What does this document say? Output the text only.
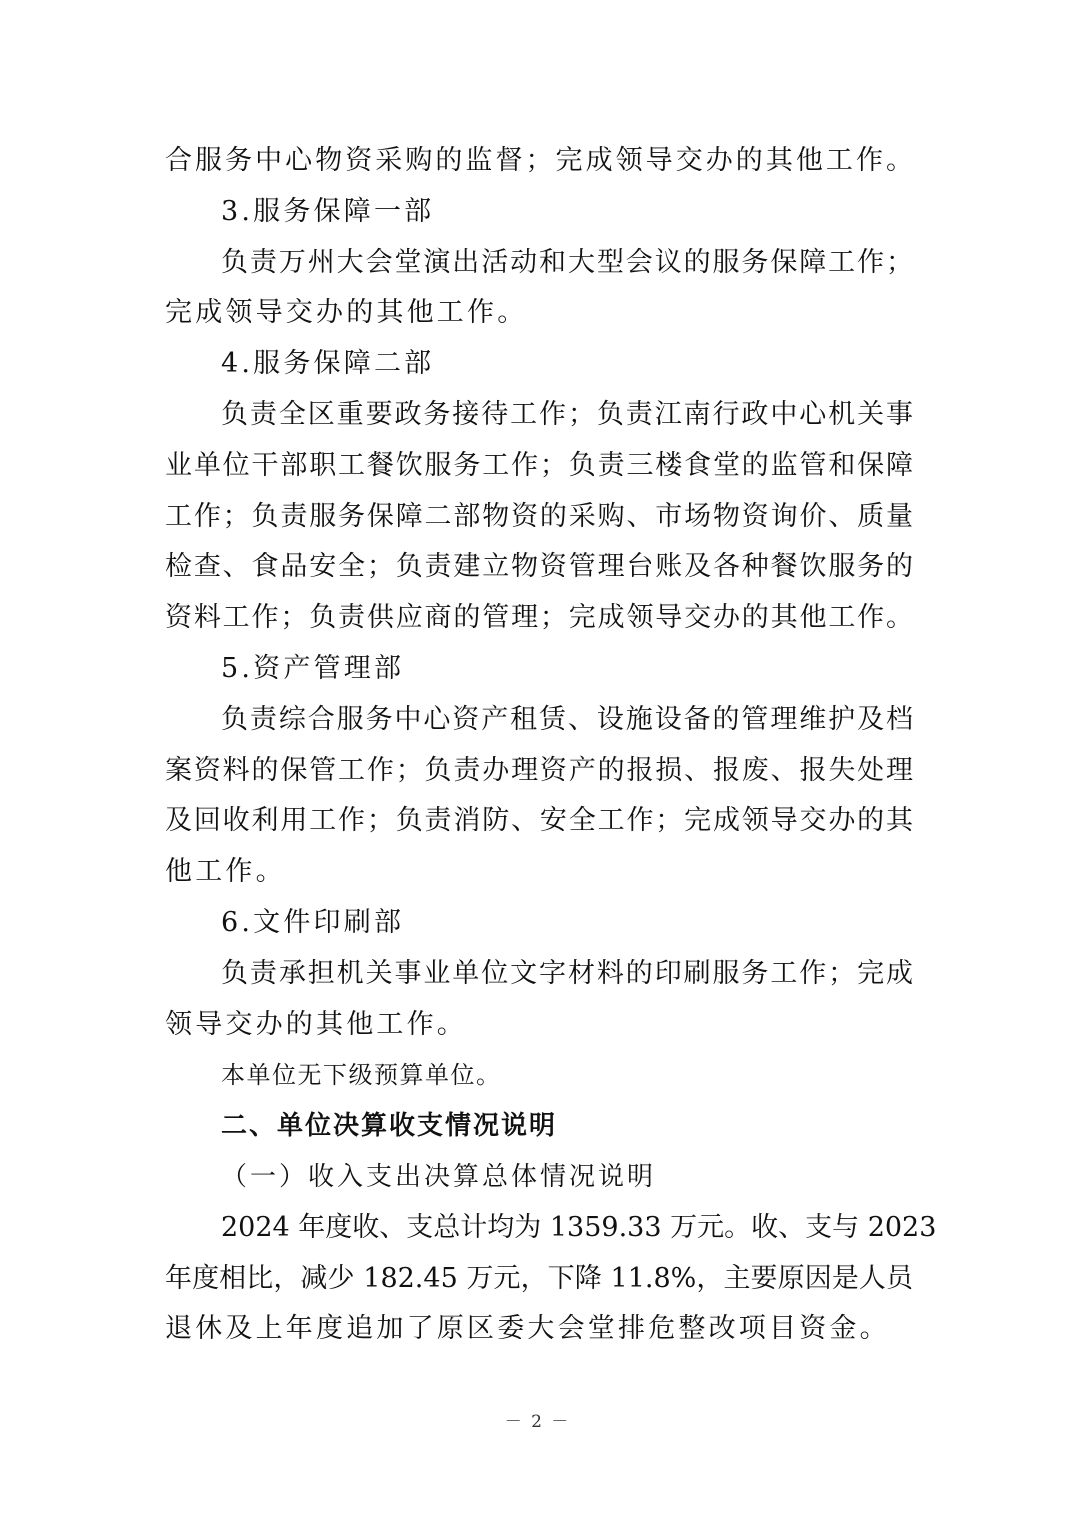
合服务中心物资采购的监督；完成领导交办的其他工作。
3.服务保障一部
负责万州大会堂演出活动和大型会议的服务保障工作；
完成领导交办的其他工作。
4.服务保障二部
负责全区重要政务接待工作；负责江南行政中心机关事
业单位干部职工餐饮服务工作；负责三楼食堂的监管和保障
工作；负责服务保障二部物资的采购、市场物资询价、质量
检查、食品安全；负责建立物资管理台账及各种餐饮服务的
资料工作；负责供应商的管理；完成领导交办的其他工作。
5.资产管理部
负责综合服务中心资产租赁、设施设备的管理维护及档
案资料的保管工作；负责办理资产的报损、报废、报失处理
及回收利用工作；负责消防、安全工作；完成领导交办的其
他工作。
6.文件印刷部
负责承担机关事业单位文字材料的印刷服务工作；完成
领导交办的其他工作。
本单位无下级预算单位。
二、单位决算收支情况说明
（一）收入支出决算总体情况说明
2024 年度收、支总计均为 1359.33 万元。收、支与 2023
年度相比，减少 182.45 万元，下降 11.8%，主要原因是人员
退休及上年度追加了原区委大会堂排危整改项目资金。
－ 2 －
